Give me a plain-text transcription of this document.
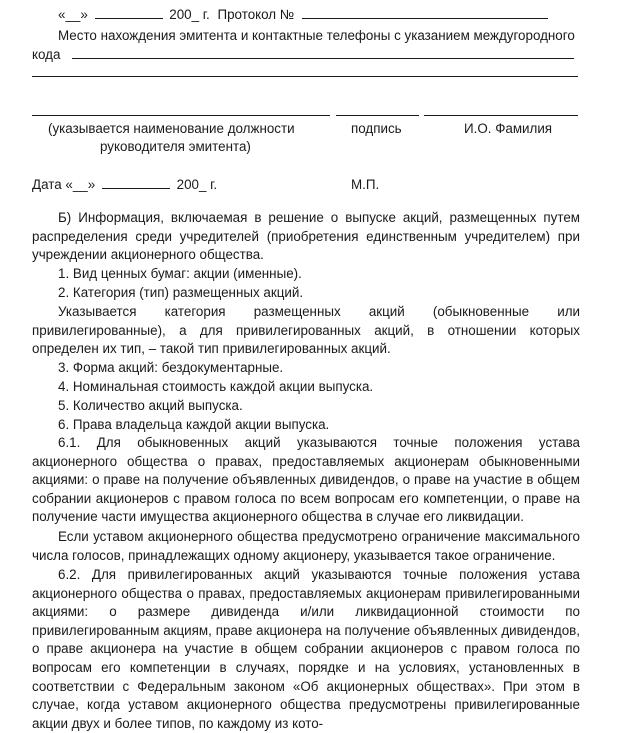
«__»	200_ г. Протокол №
Место нахождения эмитента и контактные телефоны с указанием междугородного
кода
(указывается наименование должности
руководителя эмитента)
подпись	И.О. Фамилия
Дата «__»	200_ г.	М.П.
Б) Информация, включаемая в решение о выпуске акций, размещенных путем распределения среди учредителей (приобретения единственным учредителем) при учреждении акционерного общества.
1. Вид ценных бумаг: акции (именные).
2. Категория (тип) размещенных акций.
Указывается категория размещенных акций (обыкновенные или привилегированные), а для привилегированных акций, в отношении которых определен их тип, – такой тип привилегированных акций.
3. Форма акций: бездокументарные.
4. Номинальная стоимость каждой акции выпуска.
5. Количество акций выпуска.
6. Права владельца каждой акции выпуска.
6.1. Для обыкновенных акций указываются точные положения устава акционерного общества о правах, предоставляемых акционерам обыкновенными акциями: о праве на получение объявленных дивидендов, о праве на участие в общем собрании акционеров с правом голоса по всем вопросам его компетенции, о праве на получение части имущества акционерного общества в случае его ликвидации.
Если уставом акционерного общества предусмотрено ограничение максимального числа голосов, принадлежащих одному акционеру, указывается такое ограничение.
6.2. Для привилегированных акций указываются точные положения устава акционерного общества о правах, предоставляемых акционерам привилегированными акциями: о размере дивиденда и/или ликвидационной стоимости по привилегированным акциям, праве акционера на получение объявленных дивидендов, о праве акционера на участие в общем собрании акционеров с правом голоса по вопросам его компетенции в случаях, порядке и на условиях, установленных в соответствии с Федеральным законом «Об акционерных обществах». При этом в случае, когда уставом акционерного общества предусмотрены привилегированные акции двух и более типов, по каждому из кото-
